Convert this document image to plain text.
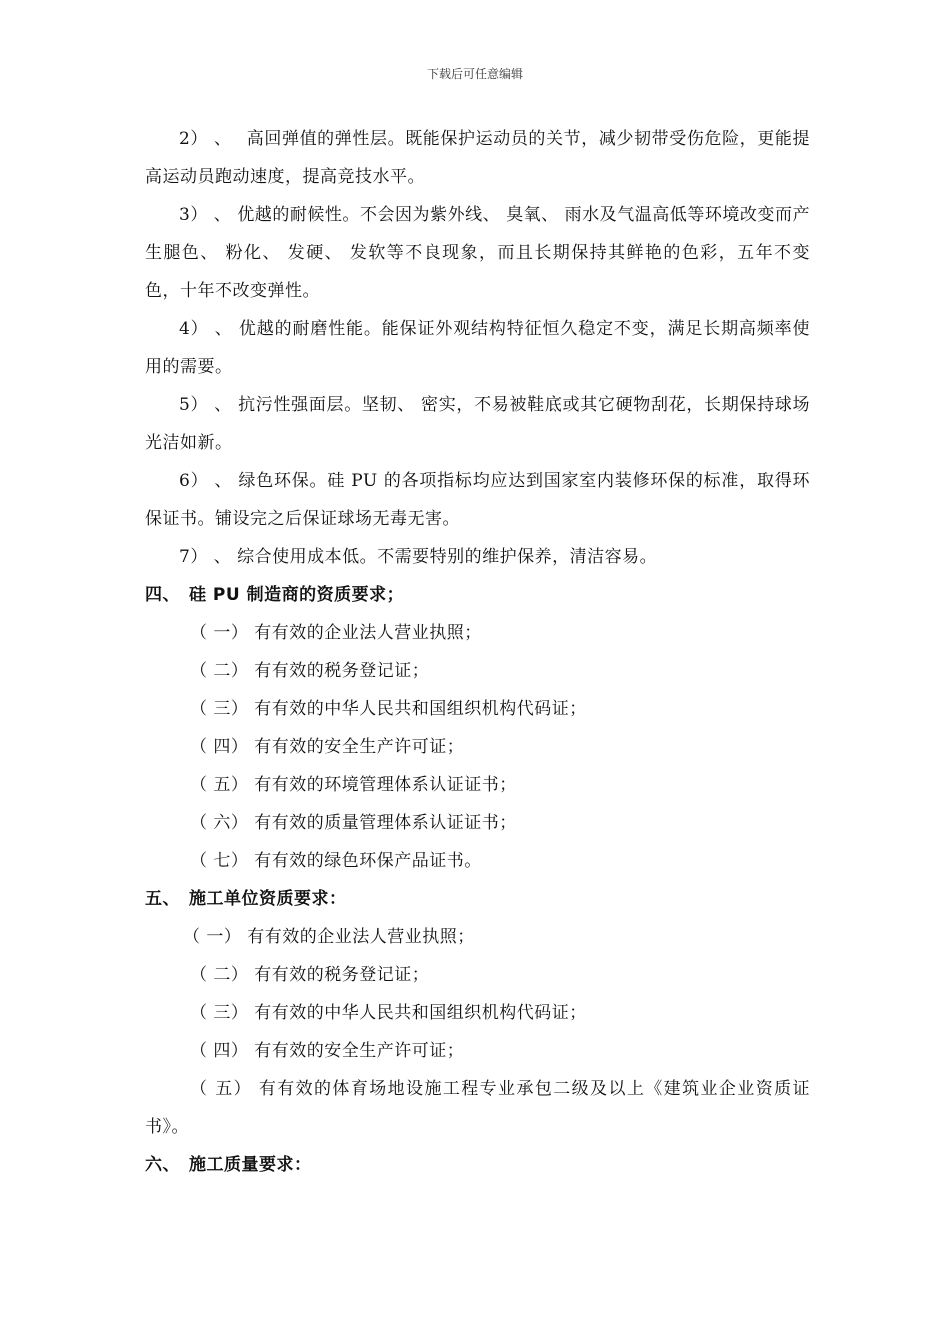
下载后可任意编辑

2） 、　 高回弹值的弹性层。既能保护运动员的关节，减少韧带受伤危险，更能提高运动员跑动速度，提高竞技水平。

3） 、 优越的耐候性。不会因为紫外线、 臭氧、 雨水及气温高低等环境改变而产生腿色、 粉化、 发硬、 发软等不良现象，而且长期保持其鲜艳的色彩，五年不变色，十年不改变弹性。

4） 、 优越的耐磨性能。能保证外观结构特征恒久稳定不变，满足长期高频率使用的需要。

5） 、 抗污性强面层。坚韧、 密实，不易被鞋底或其它硬物刮花，长期保持球场光洁如新。

6） 、 绿色环保。硅 PU 的各项指标均应达到国家室内装修环保的标准，取得环保证书。铺设完之后保证球场无毒无害。

7） 、 综合使用成本低。不需要特别的维护保养，清洁容易。

四、　硅 PU 制造商的资质要求；

（ 一） 有有效的企业法人营业执照；

（ 二） 有有效的税务登记证；

（ 三） 有有效的中华人民共和国组织机构代码证；

（ 四） 有有效的安全生产许可证；

（ 五） 有有效的环境管理体系认证证书；

（ 六） 有有效的质量管理体系认证证书；

（ 七） 有有效的绿色环保产品证书。

五、　施工单位资质要求：

（ 一） 有有效的企业法人营业执照；

（ 二） 有有效的税务登记证；

（ 三） 有有效的中华人民共和国组织机构代码证；

（ 四） 有有效的安全生产许可证；

（ 五） 有有效的体育场地设施工程专业承包二级及以上《建筑业企业资质证书》。

六、　施工质量要求：
